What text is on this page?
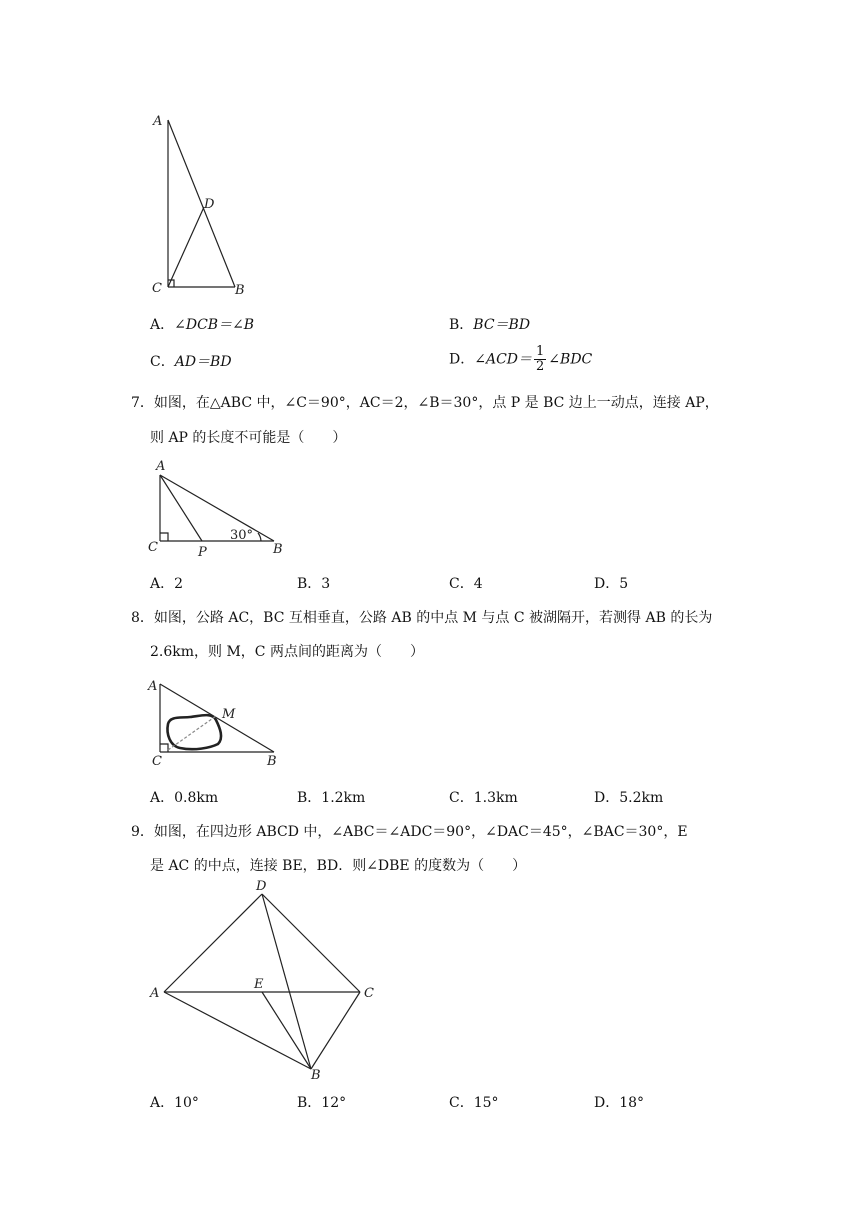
A
D
C	B
A．∠DCB＝∠B	B．BC＝BD
C．AD＝BD	D．∠ACD＝ $\frac{1}{2}$ ∠BDC
7．如图，在△ABC 中，∠C＝90°，AC＝2，∠B＝30°，点 P 是 BC 边上一动点，连接 AP，
则 AP 的长度不可能是（　　）
A
C	P	B
30°
A．2	B．3	C．4	D．5
8．如图，公路 AC，BC 互相垂直，公路 AB 的中点 M 与点 C 被湖隔开，若测得 AB 的长为
2.6km，则 M，C 两点间的距离为（　　）
A
M
C	B
A．0.8km	B．1.2km	C．1.3km	D．5.2km
9．如图，在四边形 ABCD 中，∠ABC＝∠ADC＝90°，∠DAC＝45°，∠BAC＝30°，E
是 AC 的中点，连接 BE，BD．则∠DBE 的度数为（　　）
D
A
E
C
B
A．10°	B．12°	C．15°	D．18°
